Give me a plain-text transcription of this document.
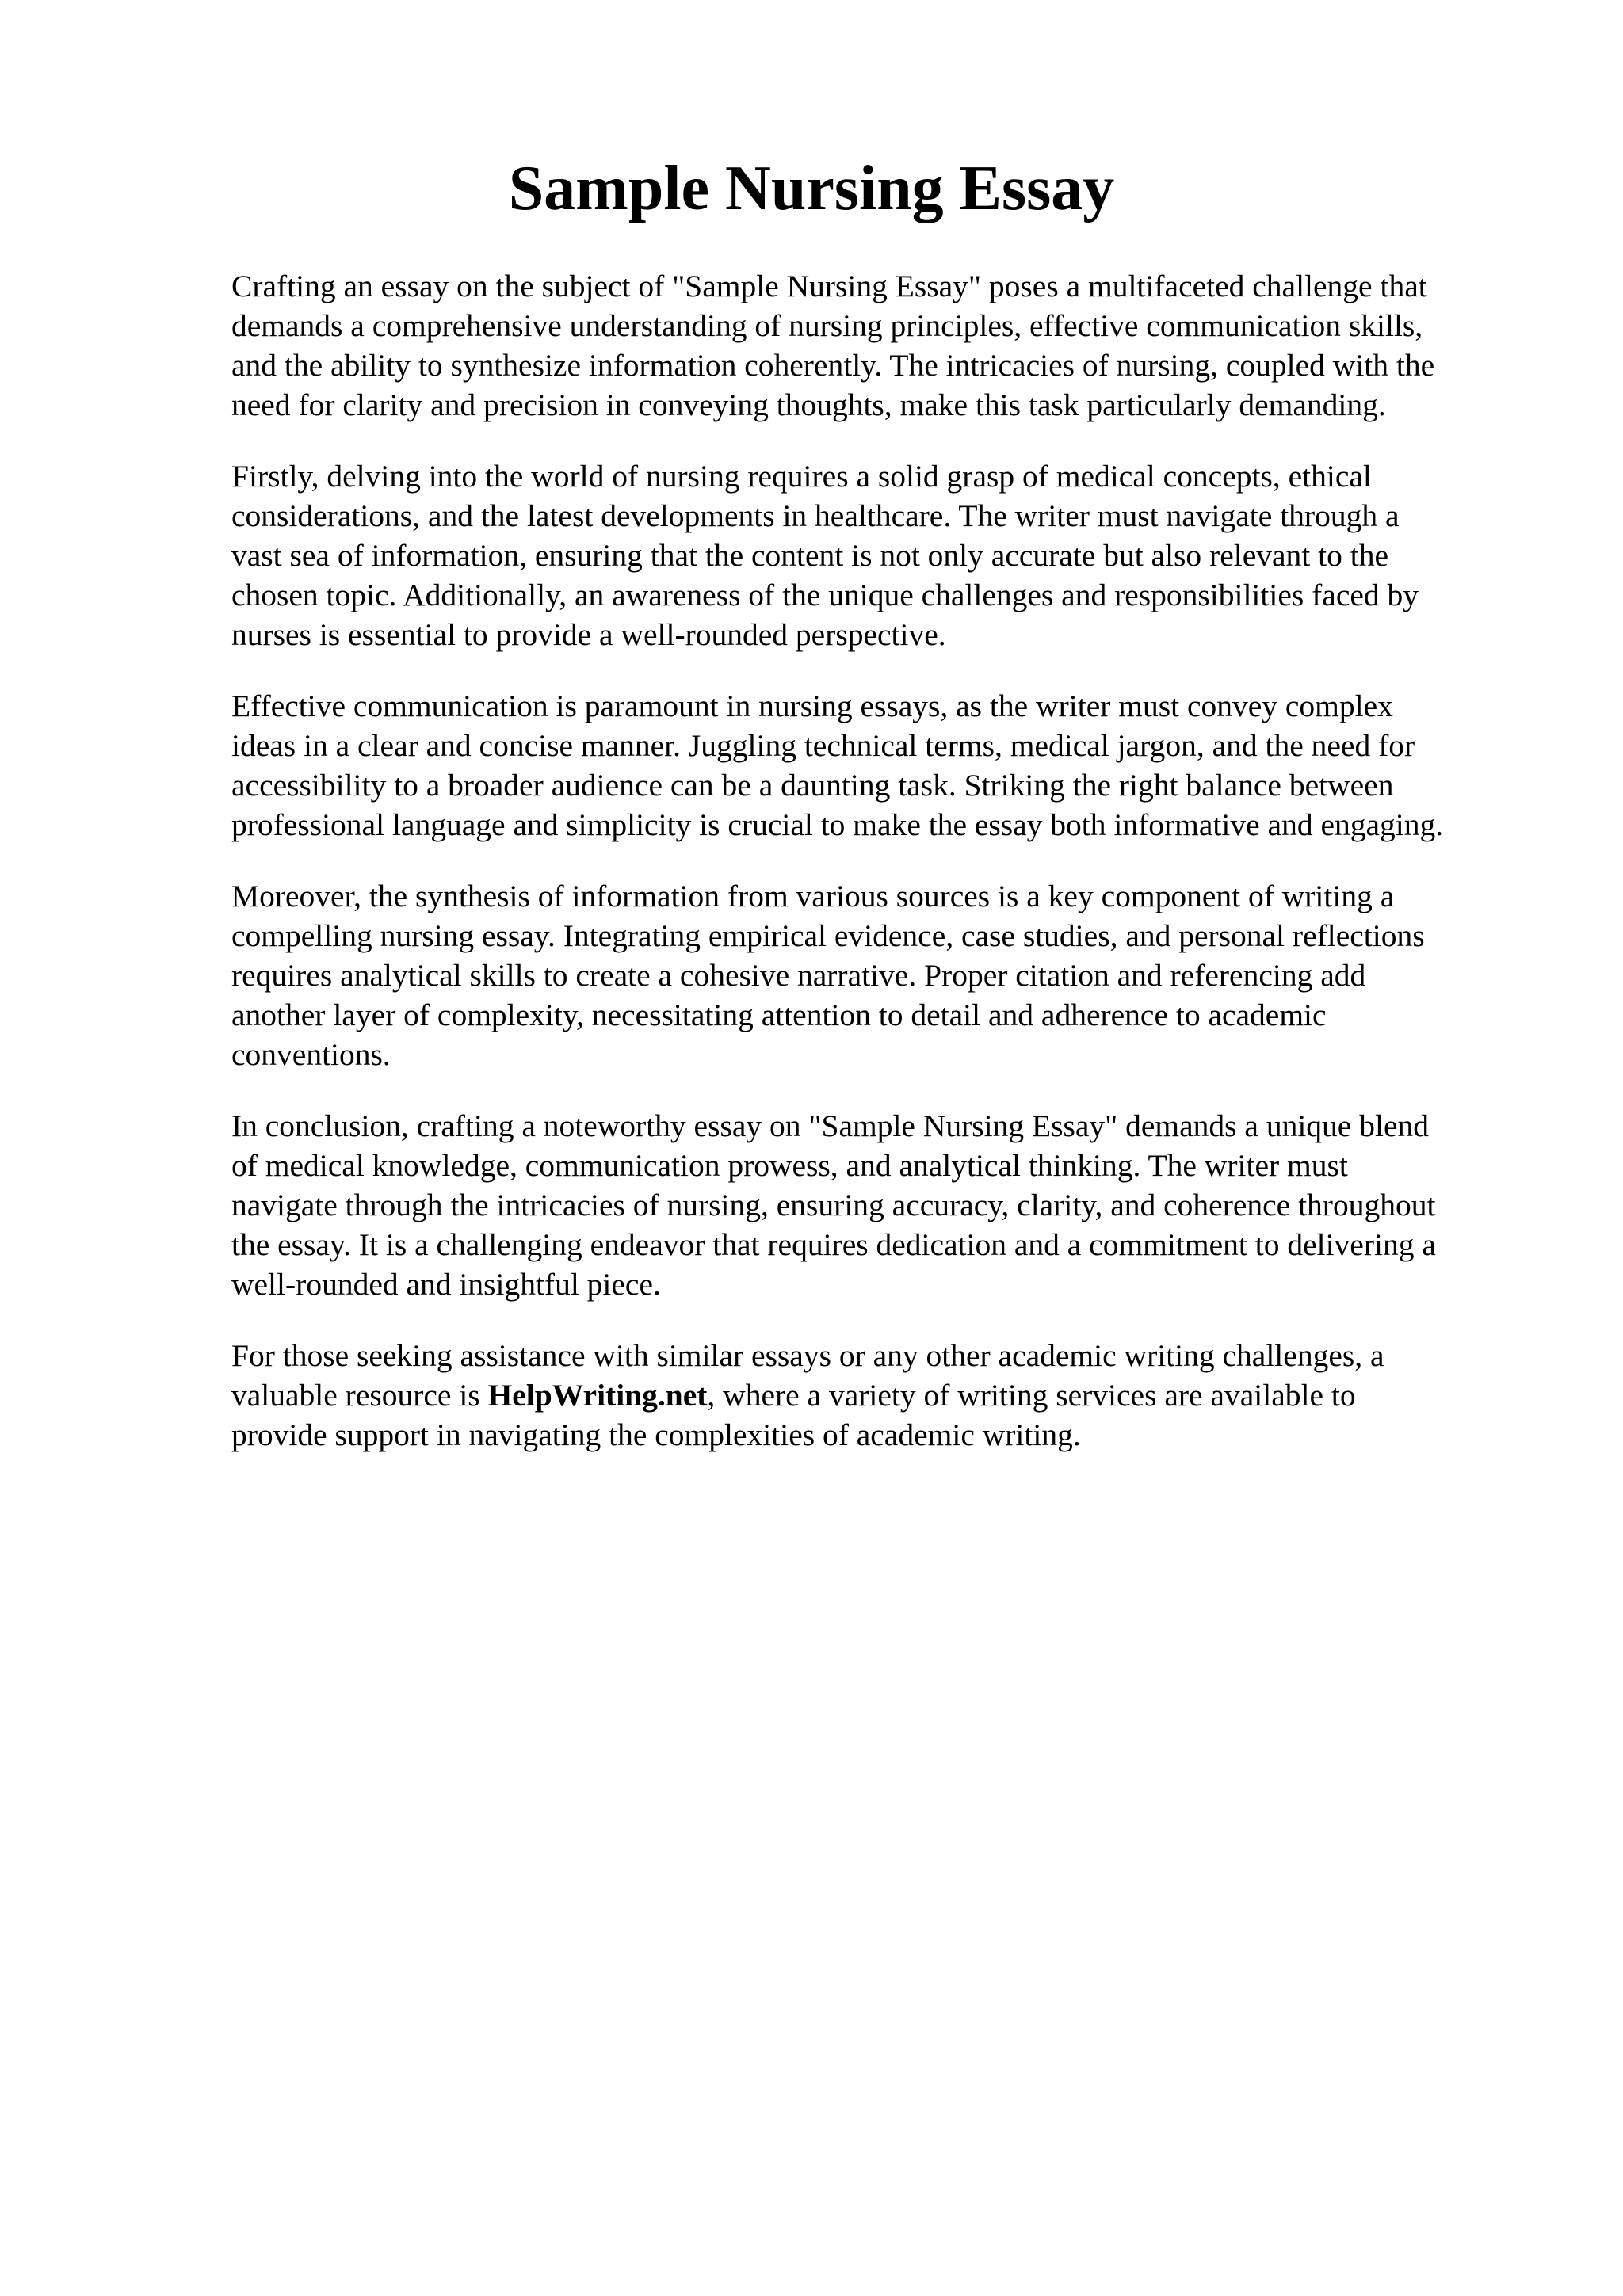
Sample Nursing Essay

Crafting an essay on the subject of "Sample Nursing Essay" poses a multifaceted challenge that
demands a comprehensive understanding of nursing principles, effective communication skills,
and the ability to synthesize information coherently. The intricacies of nursing, coupled with the
need for clarity and precision in conveying thoughts, make this task particularly demanding.

Firstly, delving into the world of nursing requires a solid grasp of medical concepts, ethical
considerations, and the latest developments in healthcare. The writer must navigate through a
vast sea of information, ensuring that the content is not only accurate but also relevant to the
chosen topic. Additionally, an awareness of the unique challenges and responsibilities faced by
nurses is essential to provide a well-rounded perspective.

Effective communication is paramount in nursing essays, as the writer must convey complex
ideas in a clear and concise manner. Juggling technical terms, medical jargon, and the need for
accessibility to a broader audience can be a daunting task. Striking the right balance between
professional language and simplicity is crucial to make the essay both informative and engaging.

Moreover, the synthesis of information from various sources is a key component of writing a
compelling nursing essay. Integrating empirical evidence, case studies, and personal reflections
requires analytical skills to create a cohesive narrative. Proper citation and referencing add
another layer of complexity, necessitating attention to detail and adherence to academic
conventions.

In conclusion, crafting a noteworthy essay on "Sample Nursing Essay" demands a unique blend
of medical knowledge, communication prowess, and analytical thinking. The writer must
navigate through the intricacies of nursing, ensuring accuracy, clarity, and coherence throughout
the essay. It is a challenging endeavor that requires dedication and a commitment to delivering a
well-rounded and insightful piece.

For those seeking assistance with similar essays or any other academic writing challenges, a
valuable resource is HelpWriting.net, where a variety of writing services are available to
provide support in navigating the complexities of academic writing.
